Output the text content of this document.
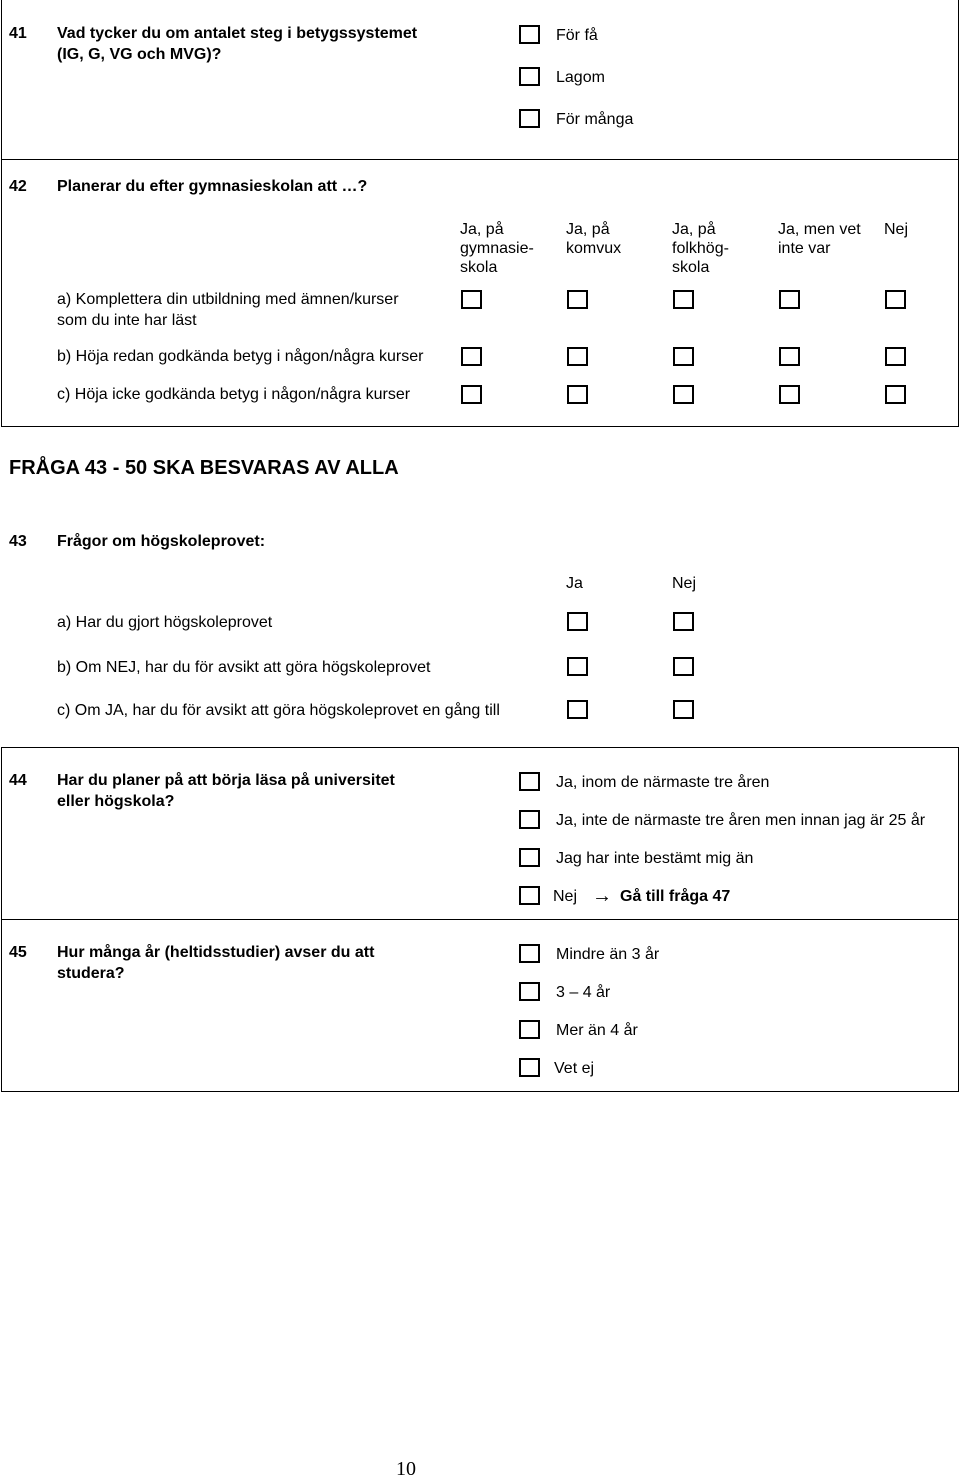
41 Vad tycker du om antalet steg i betygssystemet
(IG, G, VG och MVG)?
För få
Lagom
För många
42 Planerar du efter gymnasieskolan att …?
Ja, på
gymnasie-
skola
Ja, på
komvux
Ja, på
folkhög-
skola
Ja, men vet
inte var
Nej
a) Komplettera din utbildning med ämnen/kurser
som du inte har läst
b) Höja redan godkända betyg i någon/några kurser
c) Höja icke godkända betyg i någon/några kurser
FRÅGA 43 - 50 SKA BESVARAS AV ALLA
43 Frågor om högskoleprovet:
Ja	Nej
a) Har du gjort högskoleprovet
b) Om NEJ, har du för avsikt att göra högskoleprovet
c) Om JA, har du för avsikt att göra högskoleprovet en gång till
44 Har du planer på att börja läsa på universitet
eller högskola?
Ja, inom de närmaste tre åren
Ja, inte de närmaste tre åren men innan jag är 25 år
Jag har inte bestämt mig än
Nej → Gå till fråga 47
45 Hur många år (heltidsstudier) avser du att
studera?
Mindre än 3 år
3 – 4 år
Mer än 4 år
Vet ej
10
